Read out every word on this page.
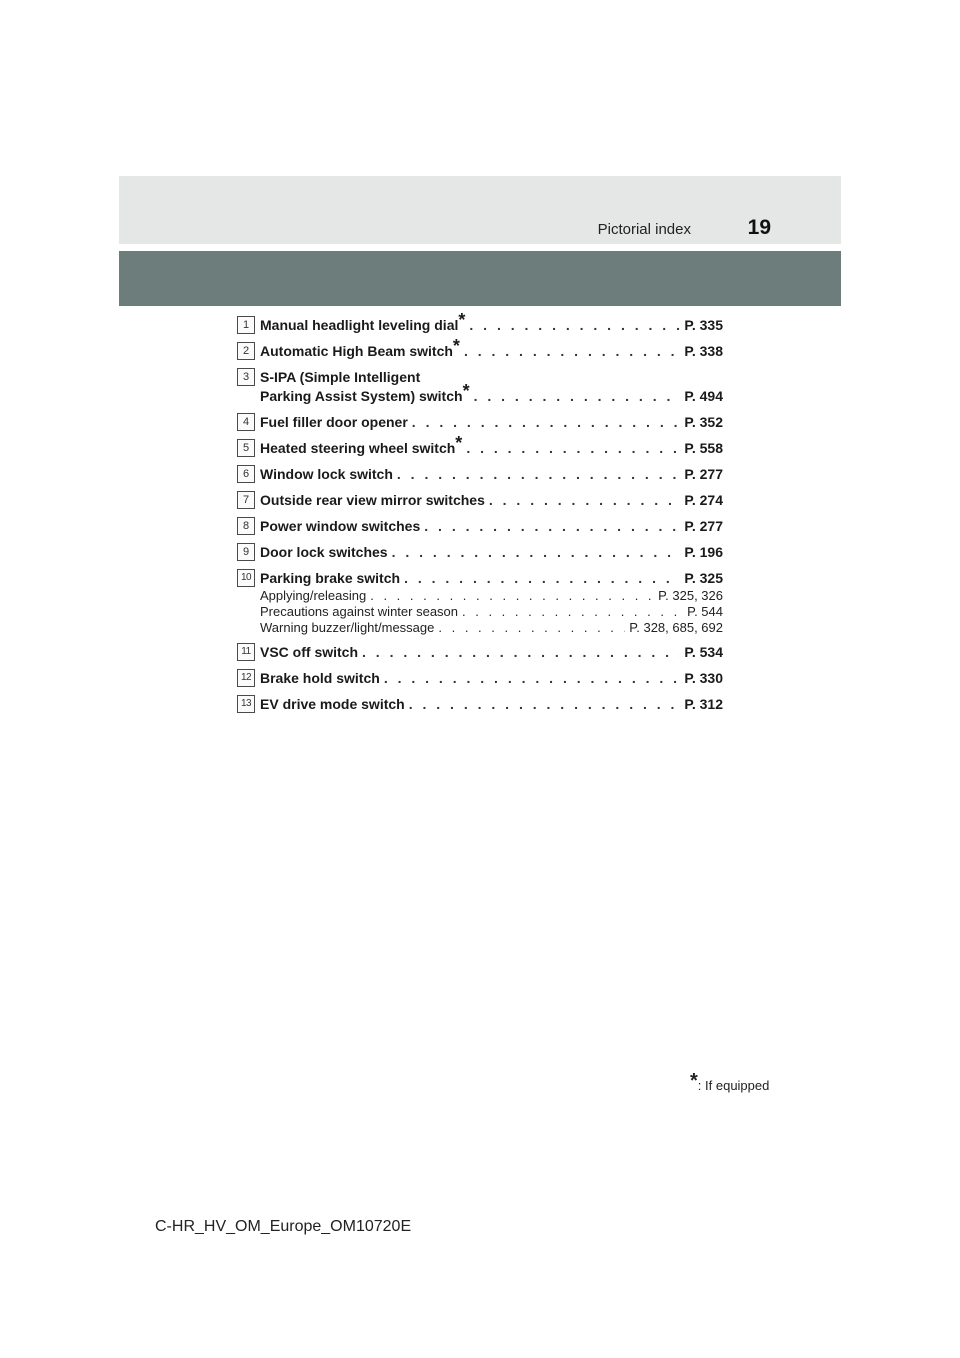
Pictorial index	19
1 Manual headlight leveling dial* . . .	P. 335
2 Automatic High Beam switch* . . .	P. 338
3 S-IPA (Simple Intelligent
Parking Assist System) switch* . . .	P. 494
4 Fuel filler door opener . . .	P. 352
5 Heated steering wheel switch* . . .	P. 558
6 Window lock switch . . .	P. 277
7 Outside rear view mirror switches . . .	P. 274
8 Power window switches . . .	P. 277
9 Door lock switches . . .	P. 196
10 Parking brake switch . . .	P. 325
Applying/releasing . . .	P. 325, 326
Precautions against winter season . . .	P. 544
Warning buzzer/light/message . . .	P. 328, 685, 692
11 VSC off switch . . .	P. 534
12 Brake hold switch . . .	P. 330
13 EV drive mode switch . . .	P. 312
*: If equipped
C-HR_HV_OM_Europe_OM10720E
